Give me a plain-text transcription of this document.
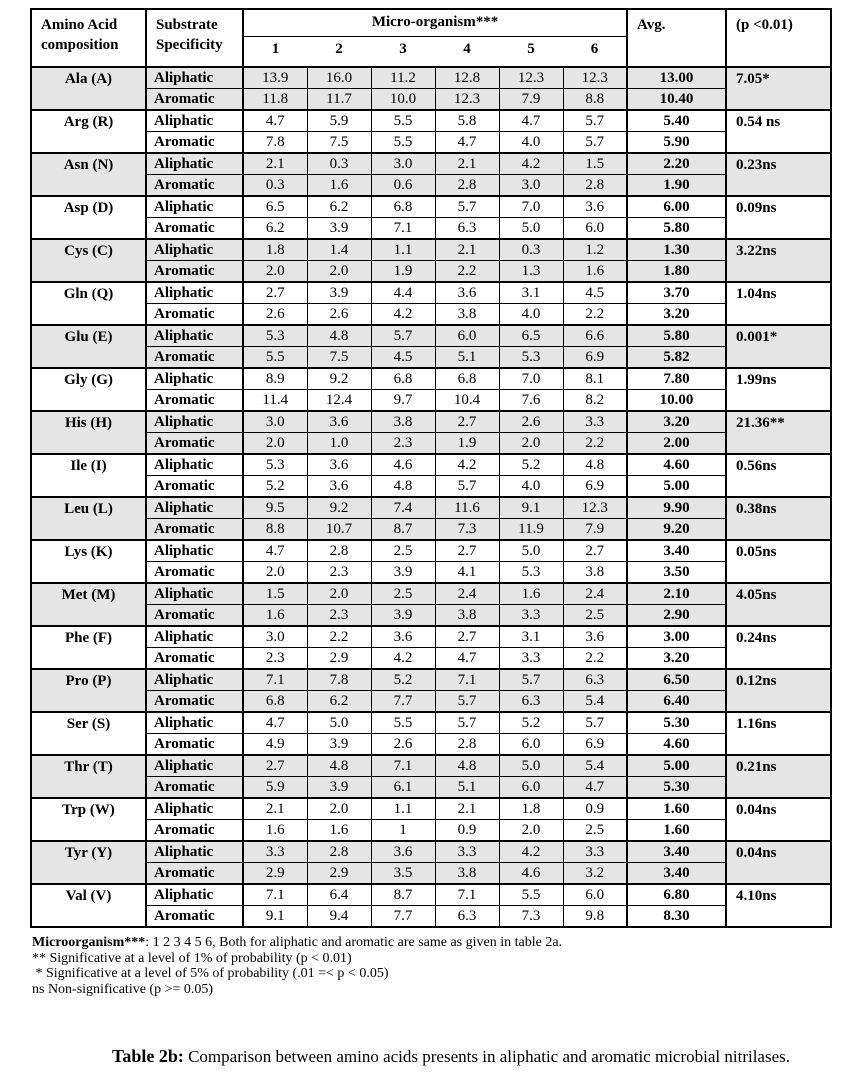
Amino Acid
composition	Substrate
Specificity	Micro-organism***						Avg.	(p <0.01)
		1	2	3	4	5	6		
Ala (A)	Aliphatic	13.9	16.0	11.2	12.8	12.3	12.3	13.00	7.05*
	Aromatic	11.8	11.7	10.0	12.3	7.9	8.8	10.40	
Arg (R)	Aliphatic	4.7	5.9	5.5	5.8	4.7	5.7	5.40	0.54 ns
	Aromatic	7.8	7.5	5.5	4.7	4.0	5.7	5.90	
Asn (N)	Aliphatic	2.1	0.3	3.0	2.1	4.2	1.5	2.20	0.23ns
	Aromatic	0.3	1.6	0.6	2.8	3.0	2.8	1.90	
Asp (D)	Aliphatic	6.5	6.2	6.8	5.7	7.0	3.6	6.00	0.09ns
	Aromatic	6.2	3.9	7.1	6.3	5.0	6.0	5.80	
Cys (C)	Aliphatic	1.8	1.4	1.1	2.1	0.3	1.2	1.30	3.22ns
	Aromatic	2.0	2.0	1.9	2.2	1.3	1.6	1.80	
Gln (Q)	Aliphatic	2.7	3.9	4.4	3.6	3.1	4.5	3.70	1.04ns
	Aromatic	2.6	2.6	4.2	3.8	4.0	2.2	3.20	
Glu (E)	Aliphatic	5.3	4.8	5.7	6.0	6.5	6.6	5.80	0.001*
	Aromatic	5.5	7.5	4.5	5.1	5.3	6.9	5.82	
Gly (G)	Aliphatic	8.9	9.2	6.8	6.8	7.0	8.1	7.80	1.99ns
	Aromatic	11.4	12.4	9.7	10.4	7.6	8.2	10.00	
His (H)	Aliphatic	3.0	3.6	3.8	2.7	2.6	3.3	3.20	21.36**
	Aromatic	2.0	1.0	2.3	1.9	2.0	2.2	2.00	
Ile (I)	Aliphatic	5.3	3.6	4.6	4.2	5.2	4.8	4.60	0.56ns
	Aromatic	5.2	3.6	4.8	5.7	4.0	6.9	5.00	
Leu (L)	Aliphatic	9.5	9.2	7.4	11.6	9.1	12.3	9.90	0.38ns
	Aromatic	8.8	10.7	8.7	7.3	11.9	7.9	9.20	
Lys (K)	Aliphatic	4.7	2.8	2.5	2.7	5.0	2.7	3.40	0.05ns
	Aromatic	2.0	2.3	3.9	4.1	5.3	3.8	3.50	
Met (M)	Aliphatic	1.5	2.0	2.5	2.4	1.6	2.4	2.10	4.05ns
	Aromatic	1.6	2.3	3.9	3.8	3.3	2.5	2.90	
Phe (F)	Aliphatic	3.0	2.2	3.6	2.7	3.1	3.6	3.00	0.24ns
	Aromatic	2.3	2.9	4.2	4.7	3.3	2.2	3.20	
Pro (P)	Aliphatic	7.1	7.8	5.2	7.1	5.7	6.3	6.50	0.12ns
	Aromatic	6.8	6.2	7.7	5.7	6.3	5.4	6.40	
Ser (S)	Aliphatic	4.7	5.0	5.5	5.7	5.2	5.7	5.30	1.16ns
	Aromatic	4.9	3.9	2.6	2.8	6.0	6.9	4.60	
Thr (T)	Aliphatic	2.7	4.8	7.1	4.8	5.0	5.4	5.00	0.21ns
	Aromatic	5.9	3.9	6.1	5.1	6.0	4.7	5.30	
Trp (W)	Aliphatic	2.1	2.0	1.1	2.1	1.8	0.9	1.60	0.04ns
	Aromatic	1.6	1.6	1	0.9	2.0	2.5	1.60	
Tyr (Y)	Aliphatic	3.3	2.8	3.6	3.3	4.2	3.3	3.40	0.04ns
	Aromatic	2.9	2.9	3.5	3.8	4.6	3.2	3.40	
Val (V)	Aliphatic	7.1	6.4	8.7	7.1	5.5	6.0	6.80	4.10ns
	Aromatic	9.1	9.4	7.7	6.3	7.3	9.8	8.30	

Microorganism***: 1 2 3 4 5 6, Both for aliphatic and aromatic are same as given in table 2a.

** Significative at a level of 1% of probability (p < 0.01)

* Significative at a level of 5% of probability (.01 =< p < 0.05)

ns Non-significative (p >= 0.05)

Table 2b: Comparison between amino acids presents in aliphatic and aromatic microbial nitrilases.
